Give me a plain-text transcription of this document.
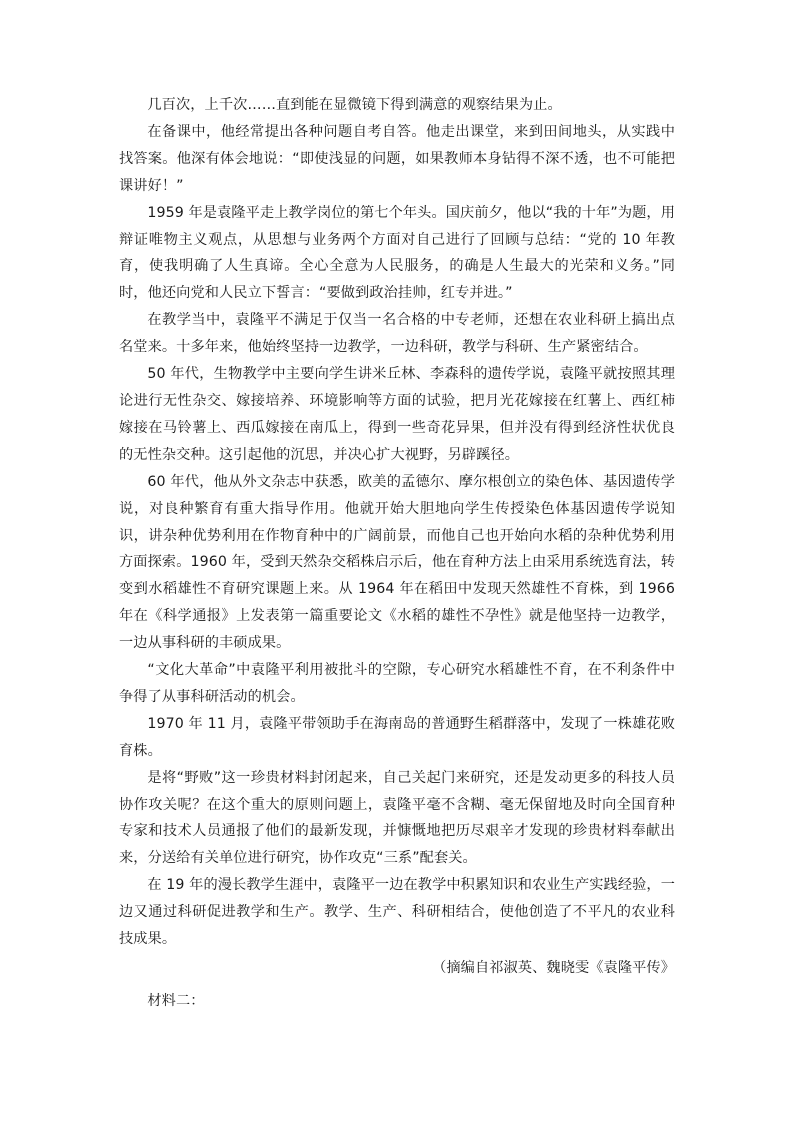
几百次，上千次……直到能在显微镜下得到满意的观察结果为止。

在备课中，他经常提出各种问题自考自答。他走出课堂，来到田间地头，从实践中找答案。他深有体会地说：“即使浅显的问题，如果教师本身钻得不深不透，也不可能把课讲好！”

1959 年是袁隆平走上教学岗位的第七个年头。国庆前夕，他以“我的十年”为题，用辩证唯物主义观点，从思想与业务两个方面对自己进行了回顾与总结：“党的 10 年教育，使我明确了人生真谛。全心全意为人民服务，的确是人生最大的光荣和义务。”同时，他还向党和人民立下誓言：“要做到政治挂帅，红专并进。”

在教学当中，袁隆平不满足于仅当一名合格的中专老师，还想在农业科研上搞出点名堂来。十多年来，他始终坚持一边教学，一边科研，教学与科研、生产紧密结合。

50 年代，生物教学中主要向学生讲米丘林、李森科的遗传学说，袁隆平就按照其理论进行无性杂交、嫁接培养、环境影响等方面的试验，把月光花嫁接在红薯上、西红柿嫁接在马铃薯上、西瓜嫁接在南瓜上，得到一些奇花异果，但并没有得到经济性状优良的无性杂交种。这引起他的沉思，并决心扩大视野，另辟蹊径。

60 年代，他从外文杂志中获悉，欧美的孟德尔、摩尔根创立的染色体、基因遗传学说，对良种繁育有重大指导作用。他就开始大胆地向学生传授染色体基因遗传学说知识，讲杂种优势利用在作物育种中的广阔前景，而他自己也开始向水稻的杂种优势利用方面探索。1960 年，受到天然杂交稻株启示后，他在育种方法上由采用系统选育法，转变到水稻雄性不育研究课题上来。从 1964 年在稻田中发现天然雄性不育株，到 1966 年在《科学通报》上发表第一篇重要论文《水稻的雄性不孕性》就是他坚持一边教学，一边从事科研的丰硕成果。

“文化大革命”中袁隆平利用被批斗的空隙，专心研究水稻雄性不育，在不利条件中争得了从事科研活动的机会。

1970 年 11 月，袁隆平带领助手在海南岛的普通野生稻群落中，发现了一株雄花败育株。

是将“野败”这一珍贵材料封闭起来，自己关起门来研究，还是发动更多的科技人员协作攻关呢？在这个重大的原则问题上，袁隆平毫不含糊、毫无保留地及时向全国育种专家和技术人员通报了他们的最新发现，并慷慨地把历尽艰辛才发现的珍贵材料奉献出来，分送给有关单位进行研究，协作攻克“三系”配套关。

在 19 年的漫长教学生涯中，袁隆平一边在教学中积累知识和农业生产实践经验，一边又通过科研促进教学和生产。教学、生产、科研相结合，使他创造了不平凡的农业科技成果。

（摘编自祁淑英、魏晓雯《袁隆平传》

材料二：
